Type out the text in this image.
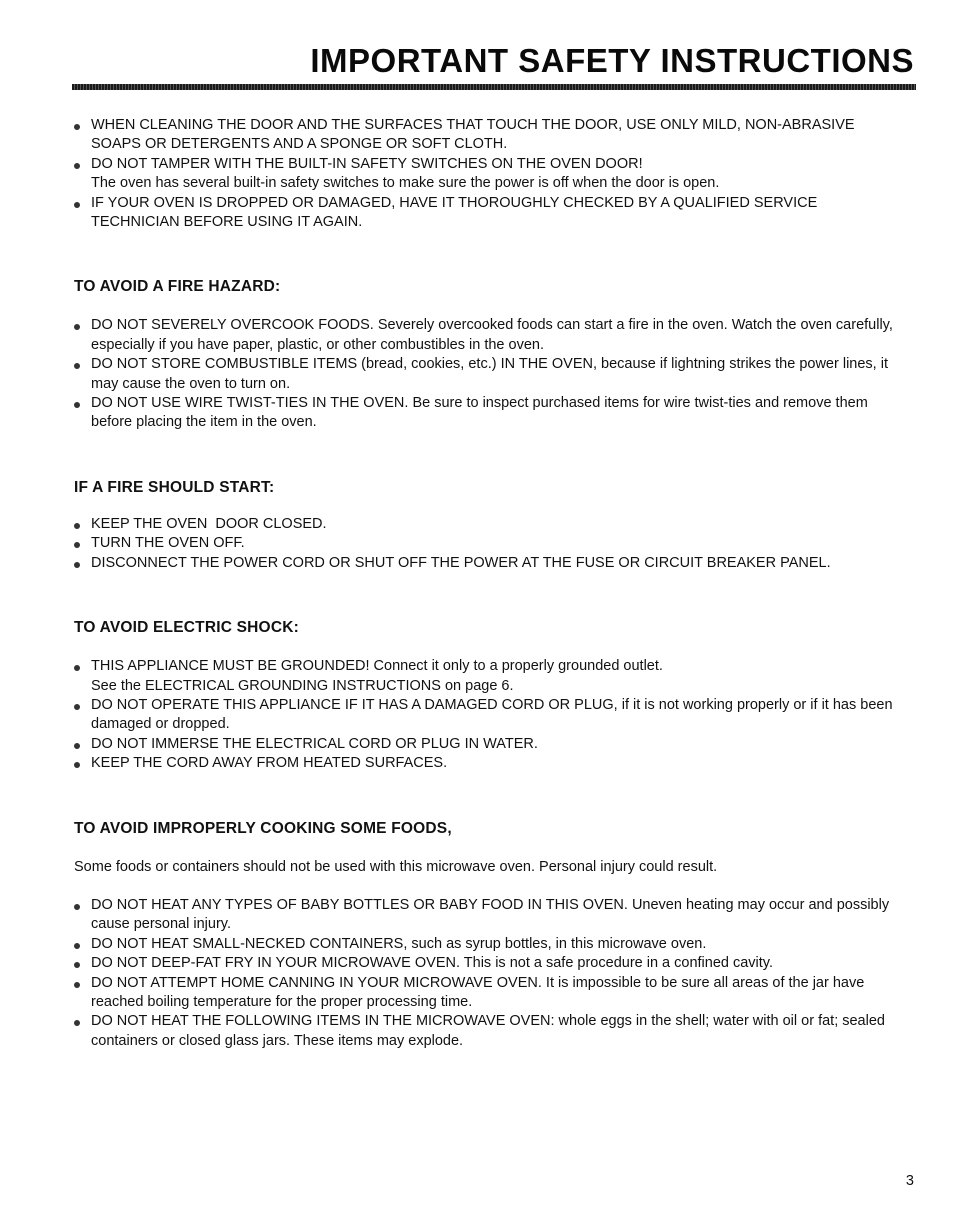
IMPORTANT SAFETY INSTRUCTIONS
WHEN CLEANING THE DOOR AND THE SURFACES THAT TOUCH THE DOOR, USE ONLY MILD, NON-ABRASIVE SOAPS OR DETERGENTS AND A SPONGE OR SOFT CLOTH.
DO NOT TAMPER WITH THE BUILT-IN SAFETY SWITCHES ON THE OVEN DOOR!
The oven has several built-in safety switches to make sure the power is off when the door is open.
IF YOUR OVEN IS DROPPED OR DAMAGED, HAVE IT THOROUGHLY CHECKED BY A QUALIFIED SERVICE TECHNICIAN BEFORE USING IT AGAIN.
TO AVOID A FIRE HAZARD:
DO NOT SEVERELY OVERCOOK FOODS. Severely overcooked foods can start a fire in the oven. Watch the oven carefully, especially if you have paper, plastic, or other combustibles in the oven.
DO NOT STORE COMBUSTIBLE ITEMS (bread, cookies, etc.) IN THE OVEN, because if lightning strikes the power lines, it may cause the oven to turn on.
DO NOT USE WIRE TWIST-TIES IN THE OVEN. Be sure to inspect purchased items for wire twist-ties and remove them before placing the item in the oven.
IF A FIRE SHOULD START:
KEEP THE OVEN  DOOR CLOSED.
TURN THE OVEN OFF.
DISCONNECT THE POWER CORD OR SHUT OFF THE POWER AT THE FUSE OR CIRCUIT BREAKER PANEL.
TO AVOID ELECTRIC SHOCK:
THIS APPLIANCE MUST BE GROUNDED! Connect it only to a properly grounded outlet.
See the ELECTRICAL GROUNDING INSTRUCTIONS on page 6.
DO NOT OPERATE THIS APPLIANCE IF IT HAS A DAMAGED CORD OR PLUG, if it is not working properly or if it has been damaged or dropped.
DO NOT IMMERSE THE ELECTRICAL CORD OR PLUG IN WATER.
KEEP THE CORD AWAY FROM HEATED SURFACES.
TO AVOID IMPROPERLY COOKING SOME FOODS,

Some foods or containers should not be used with this microwave oven. Personal injury could result.

DO NOT HEAT ANY TYPES OF BABY BOTTLES OR BABY FOOD IN THIS OVEN. Uneven heating may occur and possibly cause personal injury.
DO NOT HEAT SMALL-NECKED CONTAINERS, such as syrup bottles, in this microwave oven.
DO NOT DEEP-FAT FRY IN YOUR MICROWAVE OVEN. This is not a safe procedure in a confined cavity.
DO NOT ATTEMPT HOME CANNING IN YOUR MICROWAVE OVEN. It is impossible to be sure all areas of the jar have reached boiling temperature for the proper processing time.
DO NOT HEAT THE FOLLOWING ITEMS IN THE MICROWAVE OVEN: whole eggs in the shell; water with oil or fat; sealed containers or closed glass jars. These items may explode.
3
